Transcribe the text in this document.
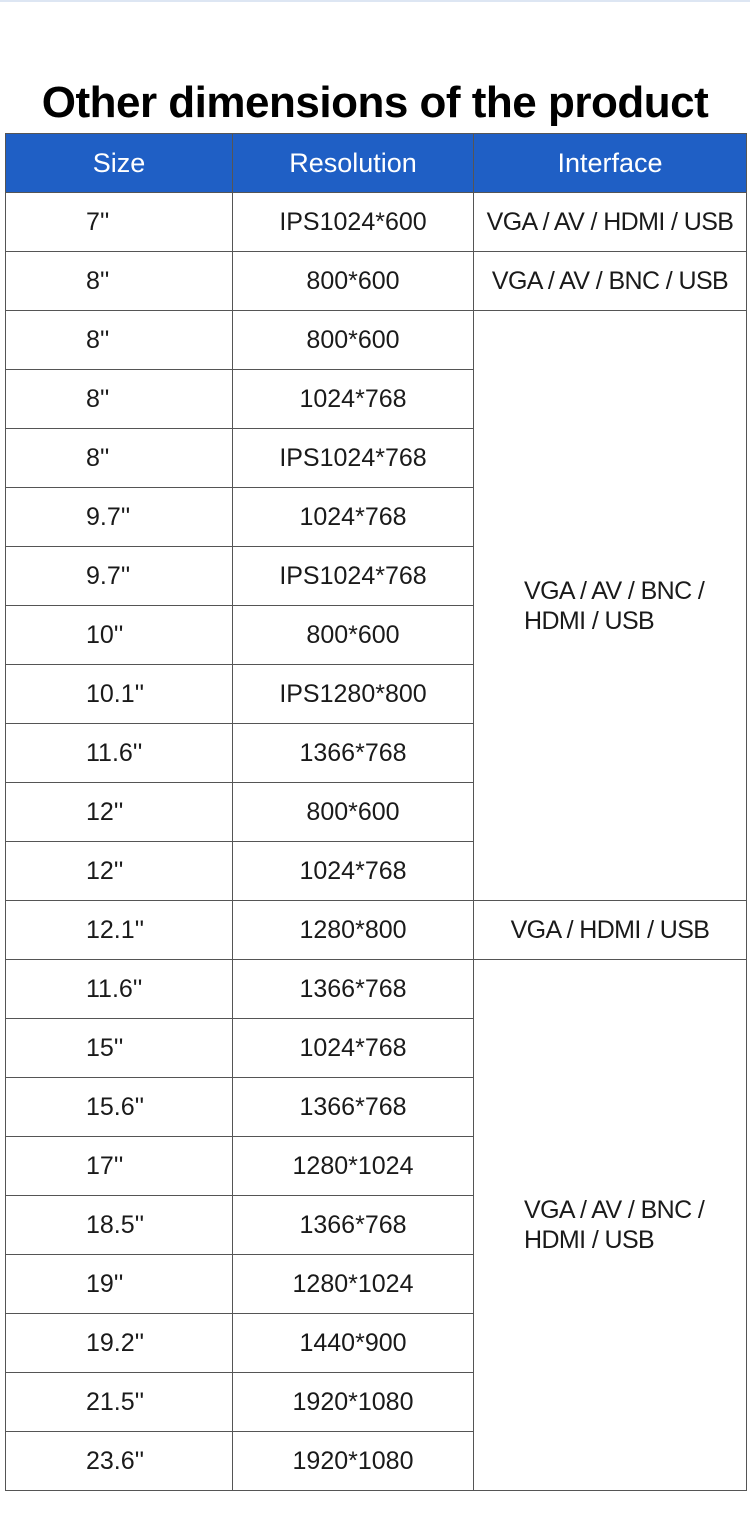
Other dimensions of the product
Size	Resolution	Interface
7''	IPS1024*600	VGA / AV / HDMI / USB

8''	800*600	VGA / AV / BNC / USB

8''	800*600	VGA / AV / BNC /
HDMI / USB

8''	1024*768	
8''	IPS1024*768	
9.7''	1024*768	
9.7''	IPS1024*768	
10''	800*600	
10.1''	IPS1280*800	
11.6''	1366*768	
12''	800*600	
12''	1024*768	
12.1''	1280*800	VGA / HDMI / USB

11.6''	1366*768	VGA / AV / BNC /
HDMI / USB

15''	1024*768	
15.6''	1366*768	
17''	1280*1024	
18.5''	1366*768	
19''	1280*1024	
19.2''	1440*900	
21.5''	1920*1080	
23.6''	1920*1080	
